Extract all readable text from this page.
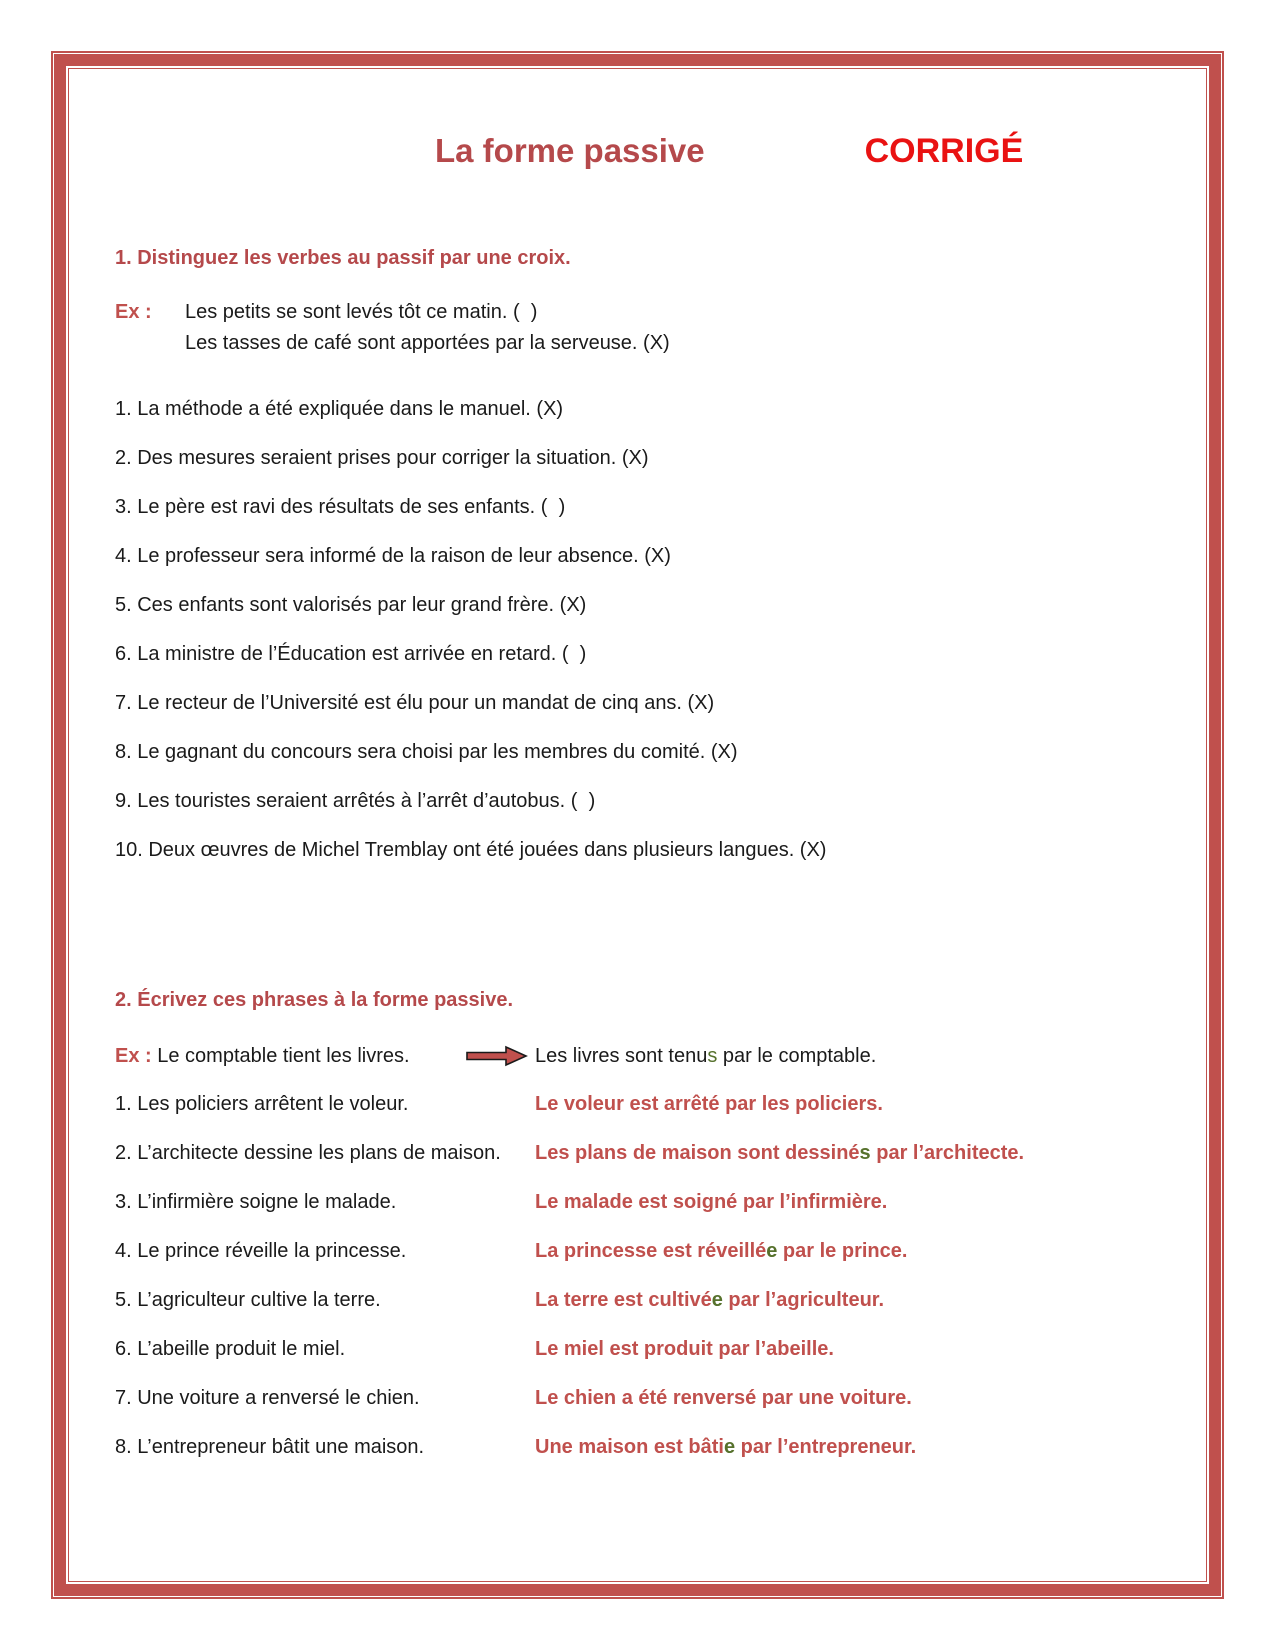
La forme passive	CORRIGÉ
1. Distinguez les verbes au passif par une croix.
Ex :	Les petits se sont levés tôt ce matin. (  )
Les tasses de café sont apportées par la serveuse. (X)
1. La méthode a été expliquée dans le manuel. (X)
2. Des mesures seraient prises pour corriger la situation. (X)
3. Le père est ravi des résultats de ses enfants. (  )
4. Le professeur sera informé de la raison de leur absence. (X)
5. Ces enfants sont valorisés par leur grand frère. (X)
6. La ministre de l’Éducation est arrivée en retard. (  )
7. Le recteur de l’Université est élu pour un mandat de cinq ans. (X)
8. Le gagnant du concours sera choisi par les membres du comité. (X)
9. Les touristes seraient arrêtés à l’arrêt d’autobus. (  )
10. Deux œuvres de Michel Tremblay ont été jouées dans plusieurs langues. (X)
2. Écrivez ces phrases à la forme passive.
Ex : Le comptable tient les livres.	Les livres sont tenus par le comptable.
1. Les policiers arrêtent le voleur.	Le voleur est arrêté par les policiers.
2. L’architecte dessine les plans de maison.	Les plans de maison sont dessinés par l’architecte.
3. L’infirmière soigne le malade.	Le malade est soigné par l’infirmière.
4. Le prince réveille la princesse.	La princesse est réveillée par le prince.
5. L’agriculteur cultive la terre.	La terre est cultivée par l’agriculteur.
6. L’abeille produit le miel.	Le miel est produit par l’abeille.
7. Une voiture a renversé le chien.	Le chien a été renversé par une voiture.
8. L’entrepreneur bâtit une maison.	Une maison est bâtie par l’entrepreneur.
